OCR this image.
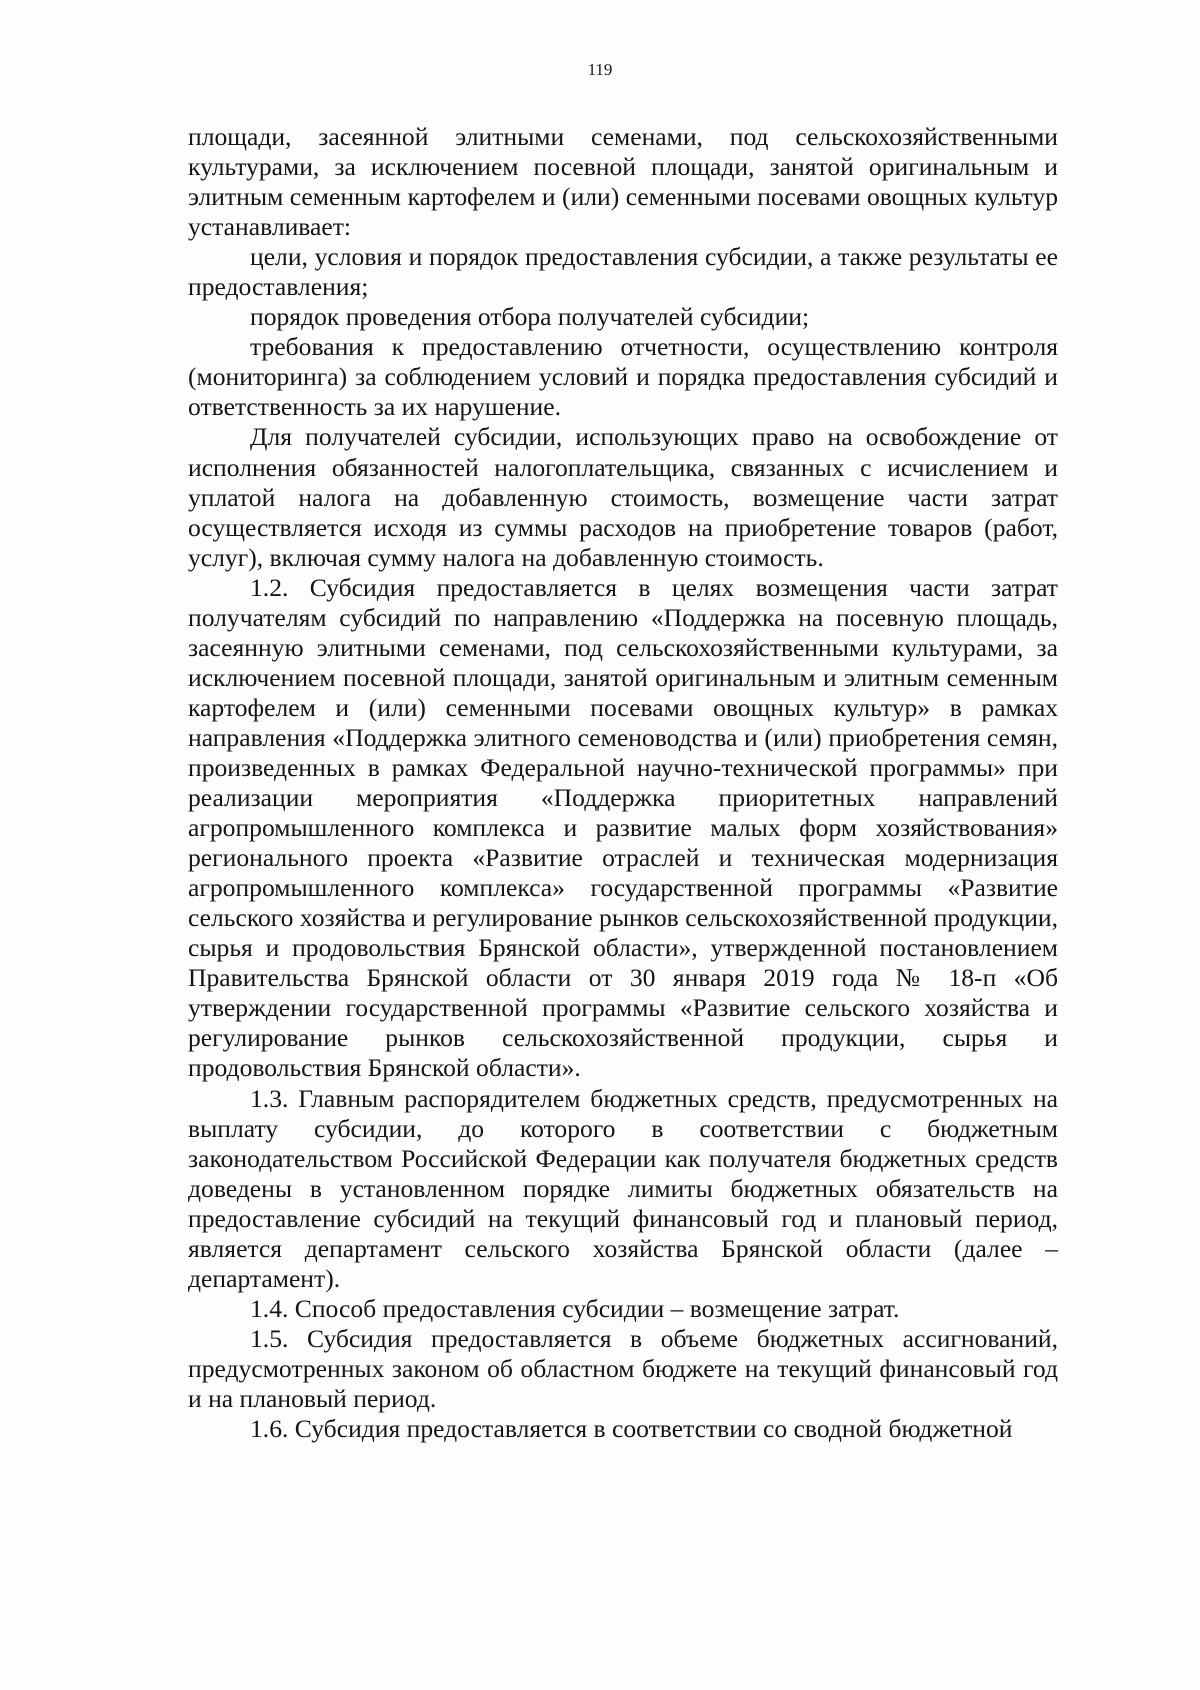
119

площади, засеянной элитными семенами, под сельскохозяйственными культурами, за исключением посевной площади, занятой оригинальным и элитным семенным картофелем и (или) семенными посевами овощных культур устанавливает:

цели, условия и порядок предоставления субсидии, а также результаты ее предоставления;

порядок проведения отбора получателей субсидии;

требования к предоставлению отчетности, осуществлению контроля (мониторинга) за соблюдением условий и порядка предоставления субсидий и ответственность за их нарушение.

Для получателей субсидии, использующих право на освобождение от исполнения обязанностей налогоплательщика, связанных с исчислением и уплатой налога на добавленную стоимость, возмещение части затрат осуществляется исходя из суммы расходов на приобретение товаров (работ, услуг), включая сумму налога на добавленную стоимость.

1.2. Субсидия предоставляется в целях возмещения части затрат получателям субсидий по направлению «Поддержка на посевную площадь, засеянную элитными семенами, под сельскохозяйственными культурами, за исключением посевной площади, занятой оригинальным и элитным семенным картофелем и (или) семенными посевами овощных культур» в рамках направления «Поддержка элитного семеноводства и (или) приобретения семян, произведенных в рамках Федеральной научно-технической программы» при реализации мероприятия «Поддержка приоритетных направлений агропромышленного комплекса и развитие малых форм хозяйствования» регионального проекта «Развитие отраслей и техническая модернизация агропромышленного комплекса» государственной программы «Развитие сельского хозяйства и регулирование рынков сельскохозяйственной продукции, сырья и продовольствия Брянской области», утвержденной постановлением Правительства Брянской области от 30 января 2019 года № 18-п «Об утверждении государственной программы «Развитие сельского хозяйства и регулирование рынков сельскохозяйственной продукции, сырья и продовольствия Брянской области».

1.3. Главным распорядителем бюджетных средств, предусмотренных на выплату субсидии, до которого в соответствии с бюджетным законодательством Российской Федерации как получателя бюджетных средств доведены в установленном порядке лимиты бюджетных обязательств на предоставление субсидий на текущий финансовый год и плановый период, является департамент сельского хозяйства Брянской области (далее – департамент).

1.4. Способ предоставления субсидии – возмещение затрат.

1.5. Субсидия предоставляется в объеме бюджетных ассигнований, предусмотренных законом об областном бюджете на текущий финансовый год и на плановый период.

1.6. Субсидия предоставляется в соответствии со сводной бюджетной
